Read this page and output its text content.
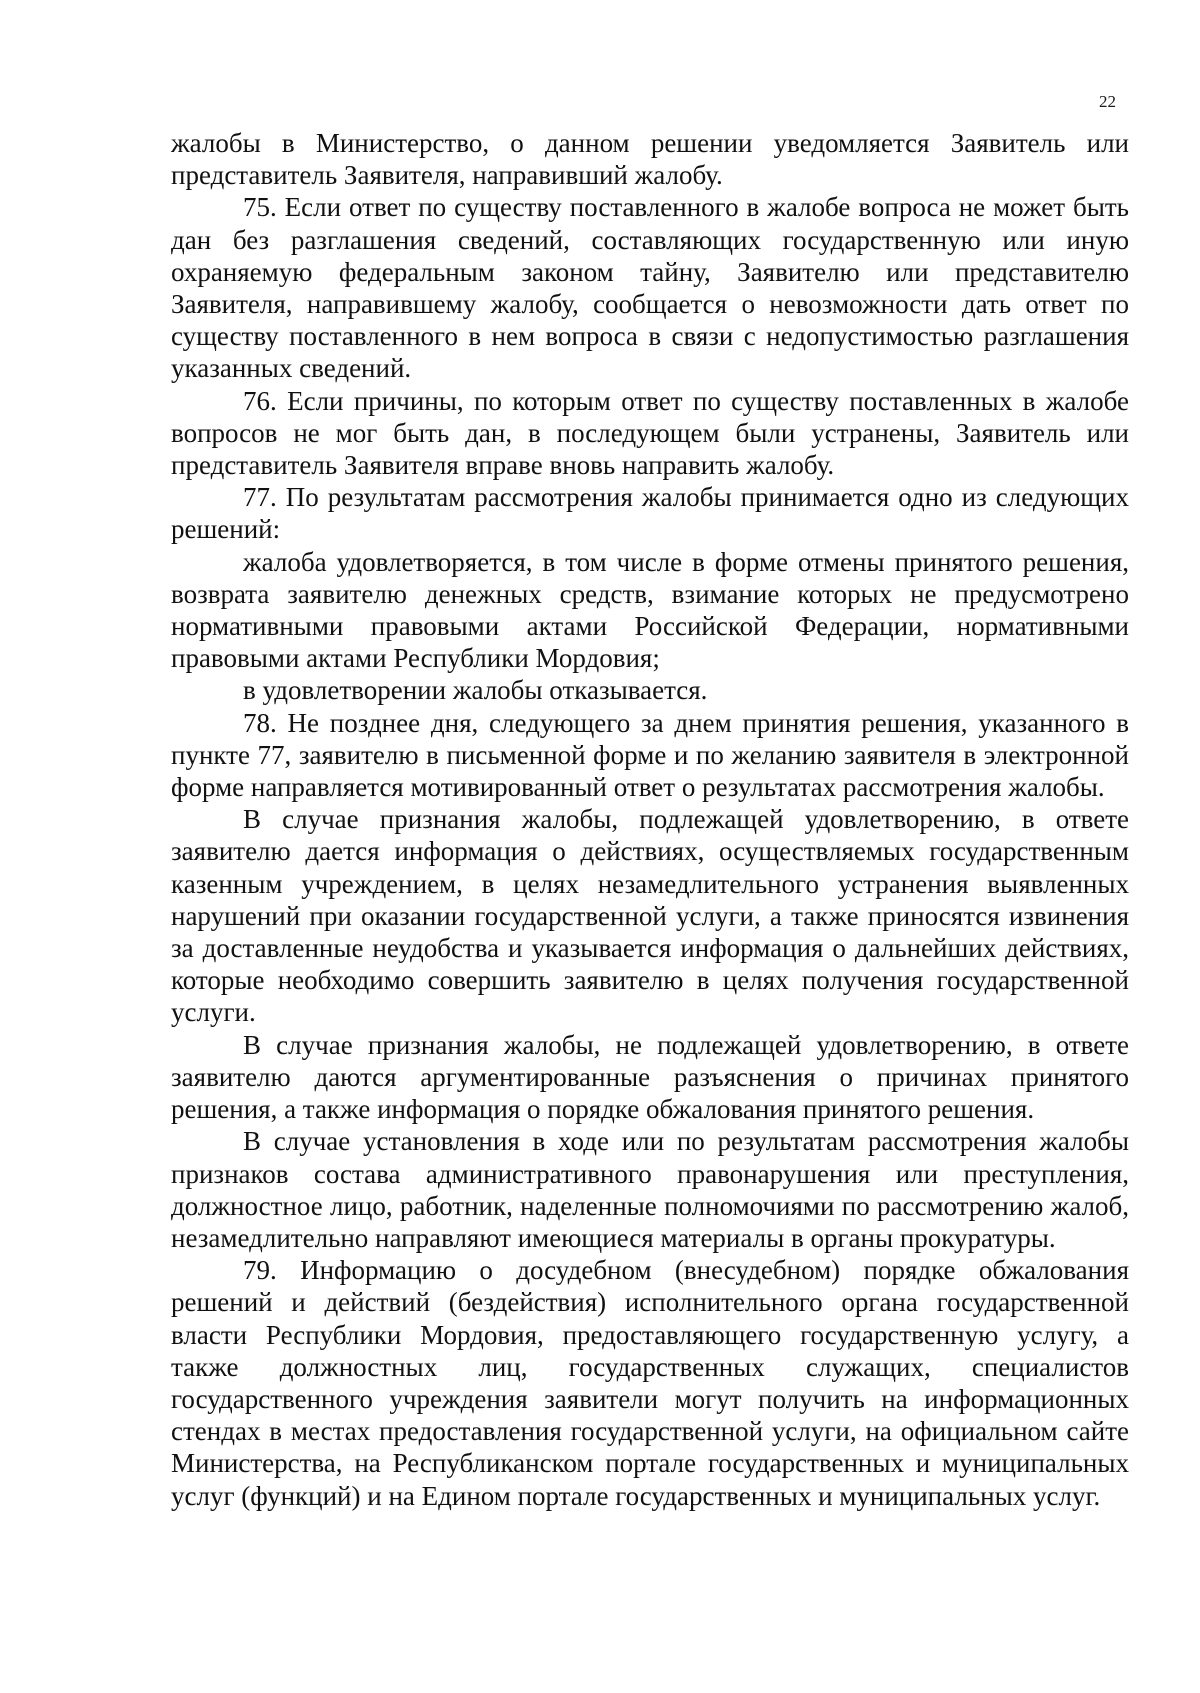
22

жалобы в Министерство, о данном решении уведомляется Заявитель или представитель Заявителя, направивший жалобу.

75. Если ответ по существу поставленного в жалобе вопроса не может быть дан без разглашения сведений, составляющих государственную или иную охраняемую федеральным законом тайну, Заявителю или представителю Заявителя, направившему жалобу, сообщается о невозможности дать ответ по существу поставленного в нем вопроса в связи с недопустимостью разглашения указанных сведений.

76. Если причины, по которым ответ по существу поставленных в жалобе вопросов не мог быть дан, в последующем были устранены, Заявитель или представитель Заявителя вправе вновь направить жалобу.

77. По результатам рассмотрения жалобы принимается одно из следующих решений:

жалоба удовлетворяется, в том числе в форме отмены принятого решения, возврата заявителю денежных средств, взимание которых не предусмотрено нормативными правовыми актами Российской Федерации, нормативными правовыми актами Республики Мордовия;

в удовлетворении жалобы отказывается.

78. Не позднее дня, следующего за днем принятия решения, указанного в пункте 77, заявителю в письменной форме и по желанию заявителя в электронной форме направляется мотивированный ответ о результатах рассмотрения жалобы.

В случае признания жалобы, подлежащей удовлетворению, в ответе заявителю дается информация о действиях, осуществляемых государственным казенным учреждением, в целях незамедлительного устранения выявленных нарушений при оказании государственной услуги, а также приносятся извинения за доставленные неудобства и указывается информация о дальнейших действиях, которые необходимо совершить заявителю в целях получения государственной услуги.

В случае признания жалобы, не подлежащей удовлетворению, в ответе заявителю даются аргументированные разъяснения о причинах принятого решения, а также информация о порядке обжалования принятого решения.

В случае установления в ходе или по результатам рассмотрения жалобы признаков состава административного правонарушения или преступления, должностное лицо, работник, наделенные полномочиями по рассмотрению жалоб, незамедлительно направляют имеющиеся материалы в органы прокуратуры.

79. Информацию о досудебном (внесудебном) порядке обжалования решений и действий (бездействия) исполнительного органа государственной власти Республики Мордовия, предоставляющего государственную услугу, а также должностных лиц, государственных служащих, специалистов государственного учреждения заявители могут получить на информационных стендах в местах предоставления государственной услуги, на официальном сайте Министерства, на Республиканском портале государственных и муниципальных услуг (функций) и на Едином портале государственных и муниципальных услуг.
